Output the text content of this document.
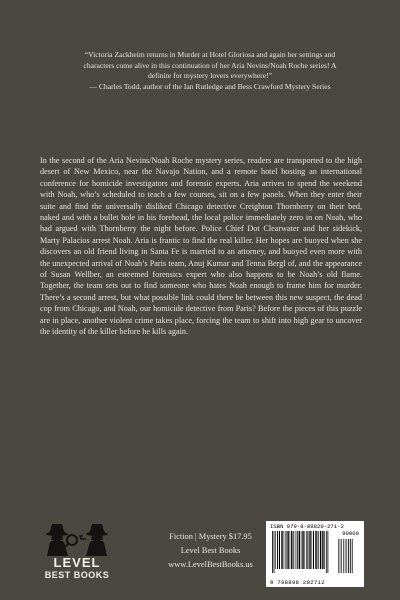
“Victoria Zackheim returns in Murder at Hotel Gloriosa and again her settings and characters come alive in this continuation of her Aria Nevins/Noah Roche series! A definite for mystery lovers everywhere!”
— Charles Todd, author of the Ian Rutledge and Bess Crawford Mystery Series
In the second of the Aria Nevins/Noah Roche mystery series, readers are transported to the high desert of New Mexico, near the Navajo Nation, and a remote hotel hosting an international conference for homicide investigators and forensic experts. Aria arrives to spend the weekend with Noah, who’s scheduled to teach a few courses, sit on a few panels. When they enter their suite and find the universally disliked Chicago detective Creighton Thornberry on their bed, naked and with a bullet hole in his forehead, the local police immediately zero in on Noah, who had argued with Thornberry the night before. Police Chief Dot Clearwater and her sidekick, Marty Palacios arrest Noah. Aria is frantic to find the real killer. Her hopes are buoyed when she discovers an old friend living in Santa Fe is married to an attorney, and buoyed even more with the unexpected arrival of Noah’s Paris team, Anuj Kumar and Tenna Bergl of, and the appearance of Susan Wellber, an esteemed forensics expert who also happens to be Noah’s old flame. Together, the team sets out to find someone who hates Noah enough to frame him for murder. There’s a second arrest, but what possible link could there be between this new suspect, the dead cop from Chicago, and Noah, our homicide detective from Paris? Before the pieces of this puzzle are in place, another violent crime takes place, forcing the team to shift into high gear to uncover the identity of the killer before he kills again.
LEVEL
BEST BOOKS
Fiction | Mystery $17.95
Level Best Books
www.LevelBestBooks.us
ISBN 979-8-89820-271-2
90000
9 798898 202712
